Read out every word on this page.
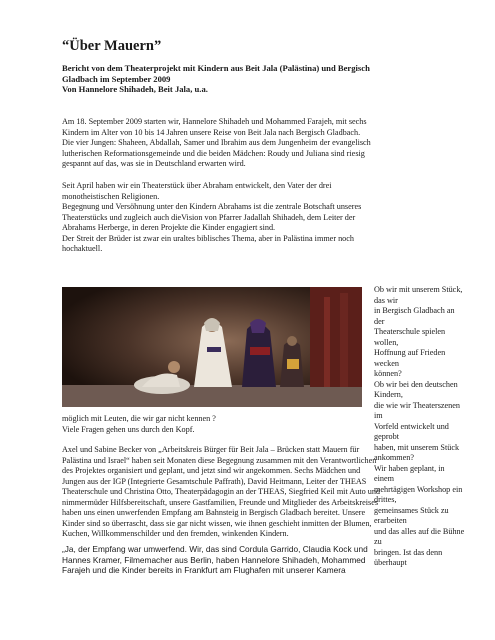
“Über Mauern”

Bericht von dem Theaterprojekt mit Kindern aus Beit Jala (Palästina) und Bergisch
Gladbach im September 2009
Von Hannelore Shihadeh, Beit Jala, u.a.

Am 18. September 2009 starten wir, Hannelore Shihadeh und Mohammed Farajeh, mit sechs
Kindern im Alter von 10 bis 14 Jahren unsere Reise von Beit Jala nach Bergisch Gladbach.
Die vier Jungen: Shaheen, Abdallah, Samer und Ibrahim aus dem Jungenheim der evangelisch
lutherischen Reformationsgemeinde und die beiden Mädchen: Roudy und Juliana sind riesig
gespannt auf das, was sie in Deutschland erwarten wird.

Seit April haben wir ein Theaterstück über Abraham entwickelt, den Vater der drei
monotheistischen Religionen.
Begegnung und Versöhnung unter den Kindern Abrahams ist die zentrale Botschaft unseres
Theaterstücks und zugleich auch dieVision von Pfarrer Jadallah Shihadeh, dem Leiter der
Abrahams Herberge, in deren Projekte die Kinder engagiert sind.
Der Streit der Brüder ist zwar ein uraltes biblisches Thema, aber in Palästina immer noch
hochaktuell.

Ob wir mit unserem Stück, das wir
in Bergisch Gladbach an der
Theaterschule spielen wollen,
Hoffnung auf Frieden wecken
können?
Ob wir bei den deutschen Kindern,
die wie wir Theaterszenen im
Vorfeld entwickelt und geprobt
haben, mit unserem Stück
ankommen?
Wir haben geplant, in einem
mehrtägigen Workshop ein drittes,
gemeinsames Stück zu erarbeiten
und das alles auf die Bühne zu
bringen. Ist das denn überhaupt

möglich mit Leuten, die wir gar nicht kennen ?

Viele Fragen gehen uns durch den Kopf.

Axel und Sabine Becker von „Arbeitskreis Bürger für Beit Jala – Brücken statt Mauern für
Palästina und Israel“ haben seit Monaten diese Begegnung zusammen mit den Verantwortlichen
des Projektes organisiert und geplant, und jetzt sind wir angekommen. Sechs Mädchen und
Jungen aus der IGP (Integrierte Gesamtschule Paffrath), David Heitmann, Leiter der THEAS
Theaterschule und Christina Otto, Theaterpädagogin an der THEAS, Siegfried Keil mit Auto und
nimmermüder Hilfsbereitschaft, unsere Gastfamilien, Freunde und Mitglieder des Arbeitskreises
haben uns einen unwerfenden Empfang am Bahnsteig in Bergisch Gladbach bereitet. Unsere
Kinder sind so überrascht, dass sie gar nicht wissen, wie ihnen geschieht inmitten der Blumen,
Kuchen, Willkommenschilder und den fremden, winkenden Kindern.

„Ja, der Empfang war umwerfend. Wir, das sind Cordula Garrido, Claudia Kock und
Hannes Kramer, Filmemacher aus Berlin, haben Hannelore Shihadeh, Mohammed
Farajeh und die Kinder bereits in Frankfurt am Flughafen mit unserer Kamera
